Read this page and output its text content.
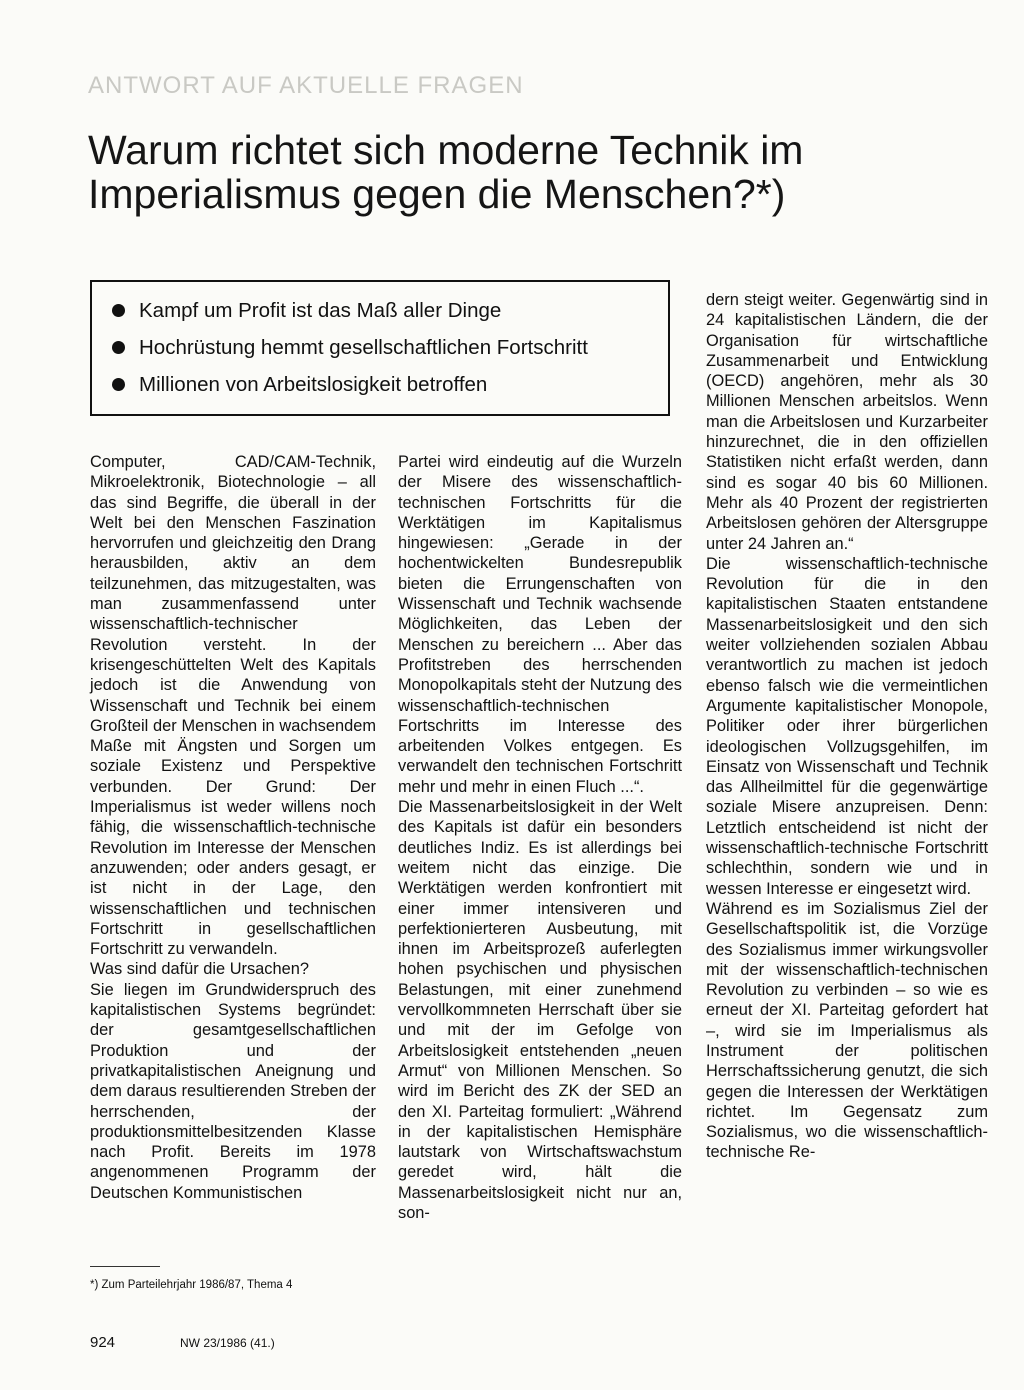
ANTWORT AUF AKTUELLE FRAGEN
Warum richtet sich moderne Technik im
Imperialismus gegen die Menschen?*)
Kampf um Profit ist das Maß aller Dinge
Hochrüstung hemmt gesellschaftlichen Fortschritt
Millionen von Arbeitslosigkeit betroffen

Computer, CAD/CAM-Technik, Mikroelektronik, Biotechnologie – all das sind Begriffe, die überall in der Welt bei den Menschen Faszination hervorrufen und gleichzeitig den Drang herausbilden, aktiv an dem teilzunehmen, das mitzugestalten, was man zusammenfassend unter wissenschaftlich-technischer Revolution versteht. In der krisengeschüttelten Welt des Kapitals jedoch ist die Anwendung von Wissenschaft und Technik bei einem Großteil der Menschen in wachsendem Maße mit Ängsten und Sorgen um soziale Existenz und Perspektive verbunden. Der Grund: Der Imperialismus ist weder willens noch fähig, die wissenschaftlich-technische Revolution im Interesse der Menschen anzuwenden; oder anders gesagt, er ist nicht in der Lage, den wissenschaftlichen und technischen Fortschritt in gesellschaftlichen Fortschritt zu verwandeln.

Was sind dafür die Ursachen?

Sie liegen im Grundwiderspruch des kapitalistischen Systems begründet: der gesamtgesellschaftlichen Produktion und der privatkapitalistischen Aneignung und dem daraus resultierenden Streben der herrschenden, der produktionsmittelbesitzenden Klasse nach Profit. Bereits im 1978 angenommenen Programm der Deutschen Kommunistischen

Partei wird eindeutig auf die Wurzeln der Misere des wissenschaftlich-technischen Fortschritts für die Werktätigen im Kapitalismus hingewiesen: „Gerade in der hochentwickelten Bundesrepublik bieten die Errungenschaften von Wissenschaft und Technik wachsende Möglichkeiten, das Leben der Menschen zu bereichern ... Aber das Profitstreben des herrschenden Monopolkapitals steht der Nutzung des wissenschaftlich-technischen Fortschritts im Interesse des arbeitenden Volkes entgegen. Es verwandelt den technischen Fortschritt mehr und mehr in einen Fluch ...“.

Die Massenarbeitslosigkeit in der Welt des Kapitals ist dafür ein besonders deutliches Indiz. Es ist allerdings bei weitem nicht das einzige. Die Werktätigen werden konfrontiert mit einer immer intensiveren und perfektionierteren Ausbeutung, mit ihnen im Arbeitsprozeß auferlegten hohen psychischen und physischen Belastungen, mit einer zunehmend vervollkommneten Herrschaft über sie und mit der im Gefolge von Arbeitslosigkeit entstehenden „neuen Armut“ von Millionen Menschen. So wird im Bericht des ZK der SED an den XI. Parteitag formuliert: „Während in der kapitalistischen Hemisphäre lautstark von Wirtschaftswachstum geredet wird, hält die Massenarbeitslosigkeit nicht nur an, son-

dern steigt weiter. Gegenwärtig sind in 24 kapitalistischen Ländern, die der Organisation für wirtschaftliche Zusammenarbeit und Entwicklung (OECD) angehören, mehr als 30 Millionen Menschen arbeitslos. Wenn man die Arbeitslosen und Kurzarbeiter hinzurechnet, die in den offiziellen Statistiken nicht erfaßt werden, dann sind es sogar 40 bis 60 Millionen. Mehr als 40 Prozent der registrierten Arbeitslosen gehören der Altersgruppe unter 24 Jahren an.“

Die wissenschaftlich-technische Revolution für die in den kapitalistischen Staaten entstandene Massenarbeitslosigkeit und den sich weiter vollziehenden sozialen Abbau verantwortlich zu machen ist jedoch ebenso falsch wie die vermeintlichen Argumente kapitalistischer Monopole, Politiker oder ihrer bürgerlichen ideologischen Vollzugsgehilfen, im Einsatz von Wissenschaft und Technik das Allheilmittel für die gegenwärtige soziale Misere anzupreisen. Denn: Letztlich entscheidend ist nicht der wissenschaftlich-technische Fortschritt schlechthin, sondern wie und in wessen Interesse er eingesetzt wird.

Während es im Sozialismus Ziel der Gesellschaftspolitik ist, die Vorzüge des Sozialismus immer wirkungsvoller mit der wissenschaftlich-technischen Revolution zu verbinden – so wie es erneut der XI. Parteitag gefordert hat –, wird sie im Imperialismus als Instrument der politischen Herrschaftssicherung genutzt, die sich gegen die Interessen der Werktätigen richtet. Im Gegensatz zum Sozialismus, wo die wissenschaftlich-technische Re-

*) Zum Parteilehrjahr 1986/87, Thema 4
924	NW 23/1986 (41.)
